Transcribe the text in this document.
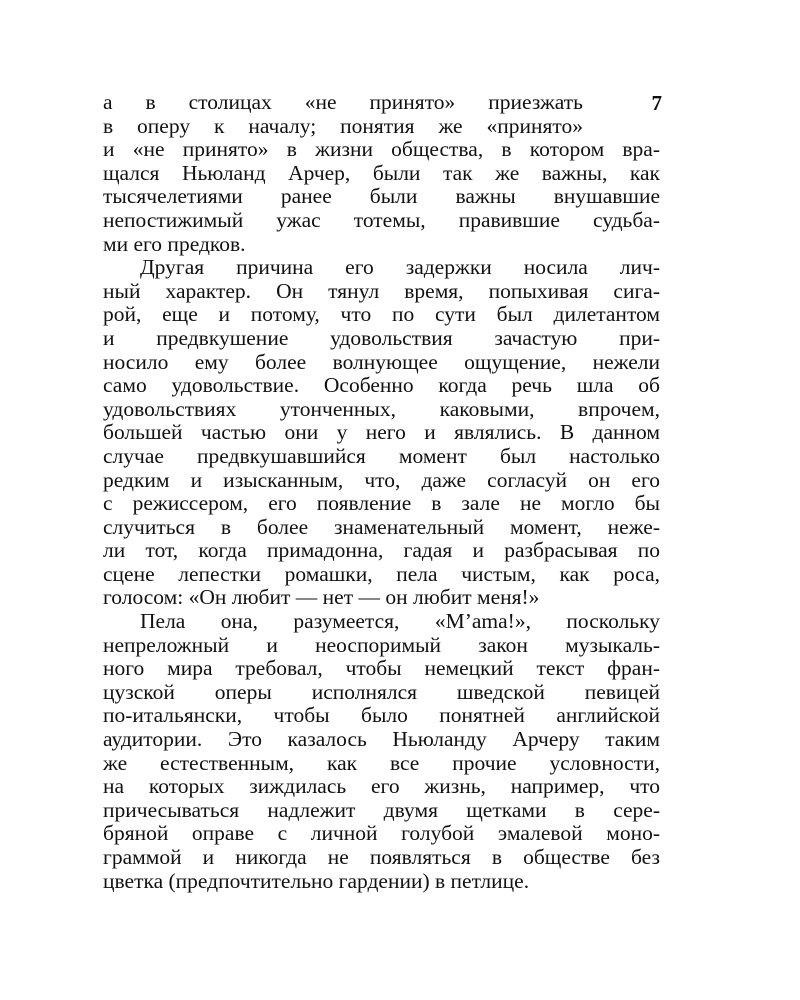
7
а в столицах «не принято» приезжать
в оперу к началу; понятия же «принято»
и «не принято» в жизни общества, в котором вра-
щался Ньюланд Арчер, были так же важны, как
тысячелетиями ранее были важны внушавшие
непостижимый ужас тотемы, правившие судьба-
ми его предков.
Другая причина его задержки носила лич-
ный характер. Он тянул время, попыхивая сига-
рой, еще и потому, что по сути был дилетантом
и предвкушение удовольствия зачастую при-
носило ему более волнующее ощущение, нежели
само удовольствие. Особенно когда речь шла об
удовольствиях утонченных, каковыми, впрочем,
большей частью они у него и являлись. В данном
случае предвкушавшийся момент был настолько
редким и изысканным, что, даже согласуй он его
с режиссером, его появление в зале не могло бы
случиться в более знаменательный момент, неже-
ли тот, когда примадонна, гадая и разбрасывая по
сцене лепестки ромашки, пела чистым, как роса,
голосом: «Он любит — нет — он любит меня!»
Пела она, разумеется, «M’ama!», поскольку
непреложный и неоспоримый закон музыкаль-
ного мира требовал, чтобы немецкий текст фран-
цузской оперы исполнялся шведской певицей
по-итальянски, чтобы было понятней английской
аудитории. Это казалось Ньюланду Арчеру таким
же естественным, как все прочие условности,
на которых зиждилась его жизнь, например, что
причесываться надлежит двумя щетками в сере-
бряной оправе с личной голубой эмалевой моно-
граммой и никогда не появляться в обществе без
цветка (предпочтительно гардении) в петлице.
